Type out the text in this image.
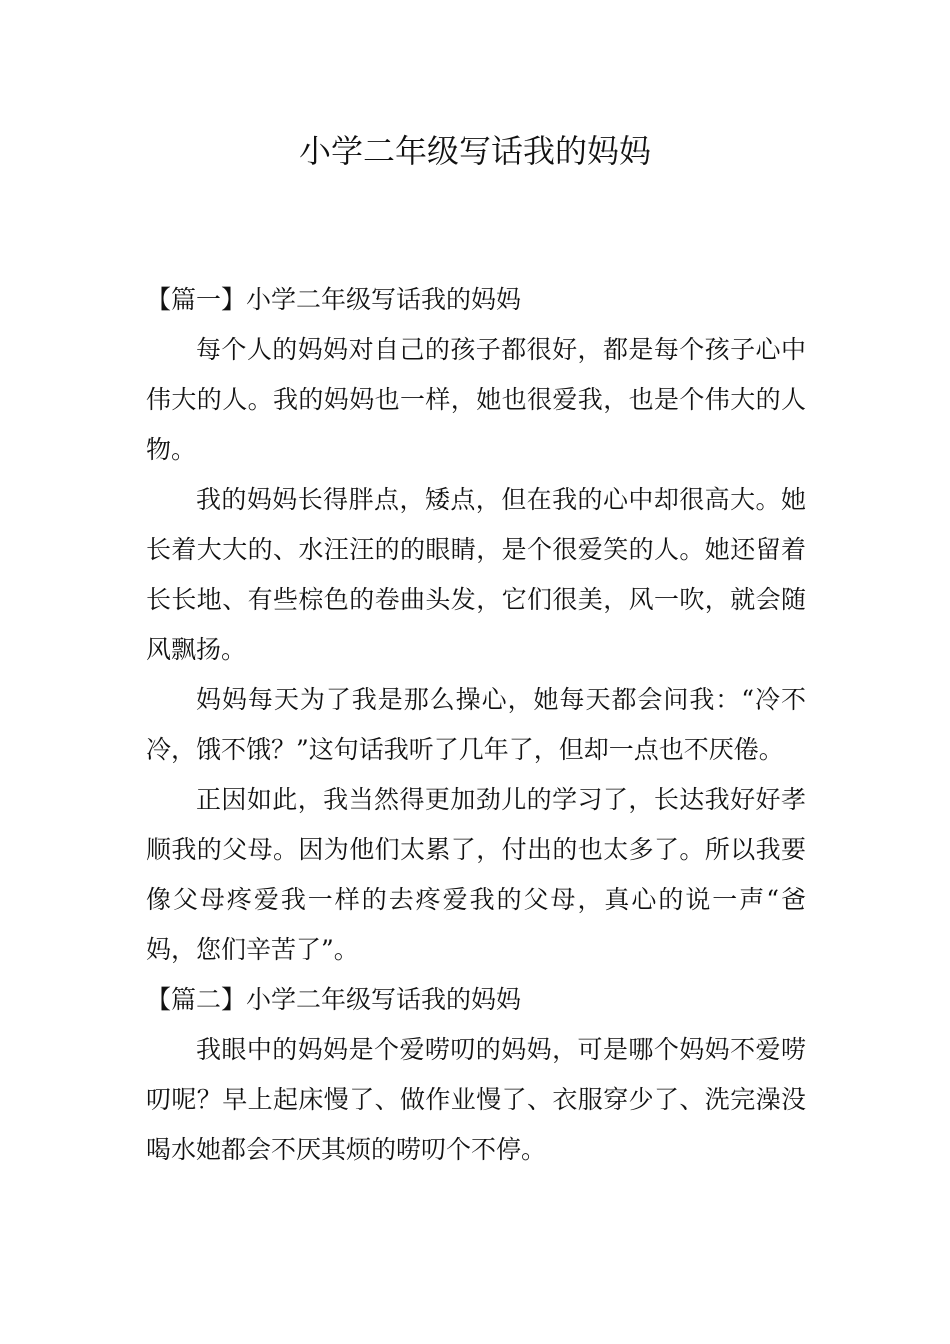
小学二年级写话我的妈妈

【篇一】小学二年级写话我的妈妈

每个人的妈妈对自己的孩子都很好，都是每个孩子心中伟大的人。我的妈妈也一样，她也很爱我，也是个伟大的人物。

我的妈妈长得胖点，矮点，但在我的心中却很高大。她长着大大的、水汪汪的的眼睛，是个很爱笑的人。她还留着长长地、有些棕色的卷曲头发，它们很美，风一吹，就会随风飘扬。

妈妈每天为了我是那么操心，她每天都会问我：“冷不冷，饿不饿？”这句话我听了几年了，但却一点也不厌倦。

正因如此，我当然得更加劲儿的学习了，长达我好好孝顺我的父母。因为他们太累了，付出的也太多了。所以我要像父母疼爱我一样的去疼爱我的父母，真心的说一声“爸妈，您们辛苦了”。

【篇二】小学二年级写话我的妈妈

我眼中的妈妈是个爱唠叨的妈妈，可是哪个妈妈不爱唠叨呢？早上起床慢了、做作业慢了、衣服穿少了、洗完澡没喝水她都会不厌其烦的唠叨个不停。
